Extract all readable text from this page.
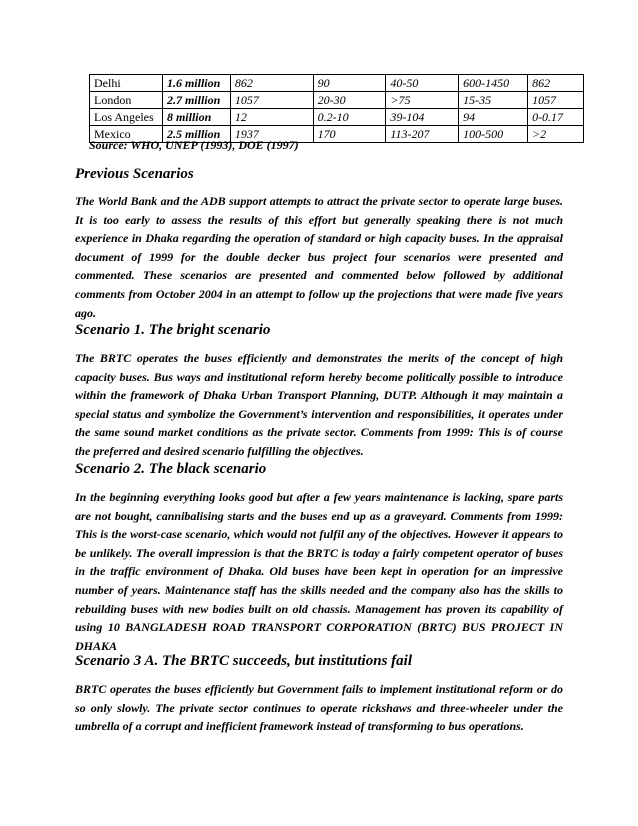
Delhi	1.6 million	862	90	40-50	600-1450	862
London	2.7 million	1057	20-30	>75	15-35	1057
Los Angeles	8 million	12	0.2-10	39-104	94	0-0.17
Mexico	2.5 million	1937	170	113-207	100-500	>2
Source: WHO, UNEP (1993), DOE (1997)
Previous Scenarios

The World Bank and the ADB support attempts to attract the private sector to operate large buses. It is too early to assess the results of this effort but generally speaking there is not much experience in Dhaka regarding the operation of standard or high capacity buses. In the appraisal document of 1999 for the double decker bus project four scenarios were presented and commented. These scenarios are presented and commented below followed by additional comments from October 2004 in an attempt to follow up the projections that were made five years ago.

Scenario 1. The bright scenario

The BRTC operates the buses efficiently and demonstrates the merits of the concept of high capacity buses. Bus ways and institutional reform hereby become politically possible to introduce within the framework of Dhaka Urban Transport Planning, DUTP. Although it may maintain a special status and symbolize the Government’s intervention and responsibilities, it operates under the same sound market conditions as the private sector. Comments from 1999: This is of course the preferred and desired scenario fulfilling the objectives.

Scenario 2. The black scenario

In the beginning everything looks good but after a few years maintenance is lacking, spare parts are not bought, cannibalising starts and the buses end up as a graveyard. Comments from 1999: This is the worst-case scenario, which would not fulfil any of the objectives. However it appears to be unlikely. The overall impression is that the BRTC is today a fairly competent operator of buses in the traffic environment of Dhaka. Old buses have been kept in operation for an impressive number of years. Maintenance staff has the skills needed and the company also has the skills to rebuilding buses with new bodies built on old chassis. Management has proven its capability of using 10 BANGLADESH ROAD TRANSPORT CORPORATION (BRTC) BUS PROJECT IN DHAKA

Scenario 3 A. The BRTC succeeds, but institutions fail

BRTC operates the buses efficiently but Government fails to implement institutional reform or do so only slowly. The private sector continues to operate rickshaws and three-wheeler under the umbrella of a corrupt and inefficient framework instead of transforming to bus operations.
